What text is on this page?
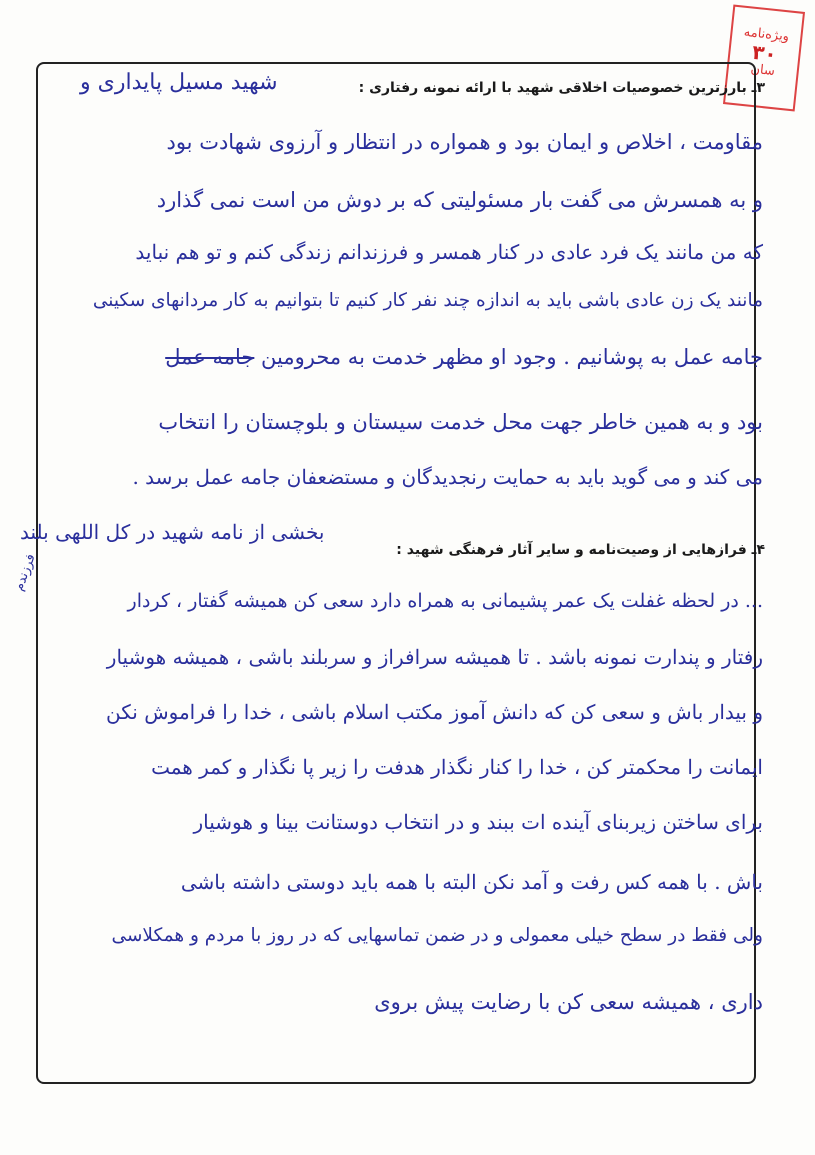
ویژه‌نامه
۳۰
سان
۳ـ بارزترین خصوصیات اخلاقی شهید با ارائه نمونه رفتاری :
شهید مسیل پایداری و
مقاومت ، اخلاص و ایمان بود و همواره در انتظار و آرزوی شهادت بود
و به همسرش می گفت بار مسئولیتی که بر دوش من است نمی گذارد
که من مانند یک فرد عادی در کنار همسر و فرزندانم زندگی کنم و تو هم نباید
مانند یک زن عادی باشی باید به اندازه چند نفر کار کنیم تا بتوانیم به کار مردانهای سکینی
جامه عمل به پوشانیم . وجود او مظهر خدمت به محرومین جامه عمل
بود و به همین خاطر جهت محل خدمت سیستان و بلوچستان را انتخاب
می کند و می گوید باید به حمایت رنجدیدگان و مستضعفان جامه عمل برسد .
۴ـ فرازهایی از وصیت‌نامه و سایر آثار فرهنگی شهید :
بخشی از نامه شهید در کل اللهی بلند
فرزندم
... در لحظه غفلت یک عمر پشیمانی به همراه دارد سعی کن همیشه گفتار ، کردار
رفتار و پندارت نمونه باشد . تا همیشه سرافراز و سربلند باشی ، همیشه هوشیار
و بیدار باش و سعی کن که دانش آموز مکتب اسلام باشی ، خدا را فراموش نکن
ایمانت را محکمتر کن ، خدا را کنار نگذار هدفت را زیر پا نگذار و کمر همت
برای ساختن زیربنای آینده ات ببند و در انتخاب دوستانت بینا و هوشیار
باش . با همه کس رفت و آمد نکن البته با همه باید دوستی داشته باشی
ولی فقط در سطح خیلی معمولی و در ضمن تماسهایی که در روز با مردم و همکلاسی
داری ، همیشه سعی کن با رضایت پیش بروی
